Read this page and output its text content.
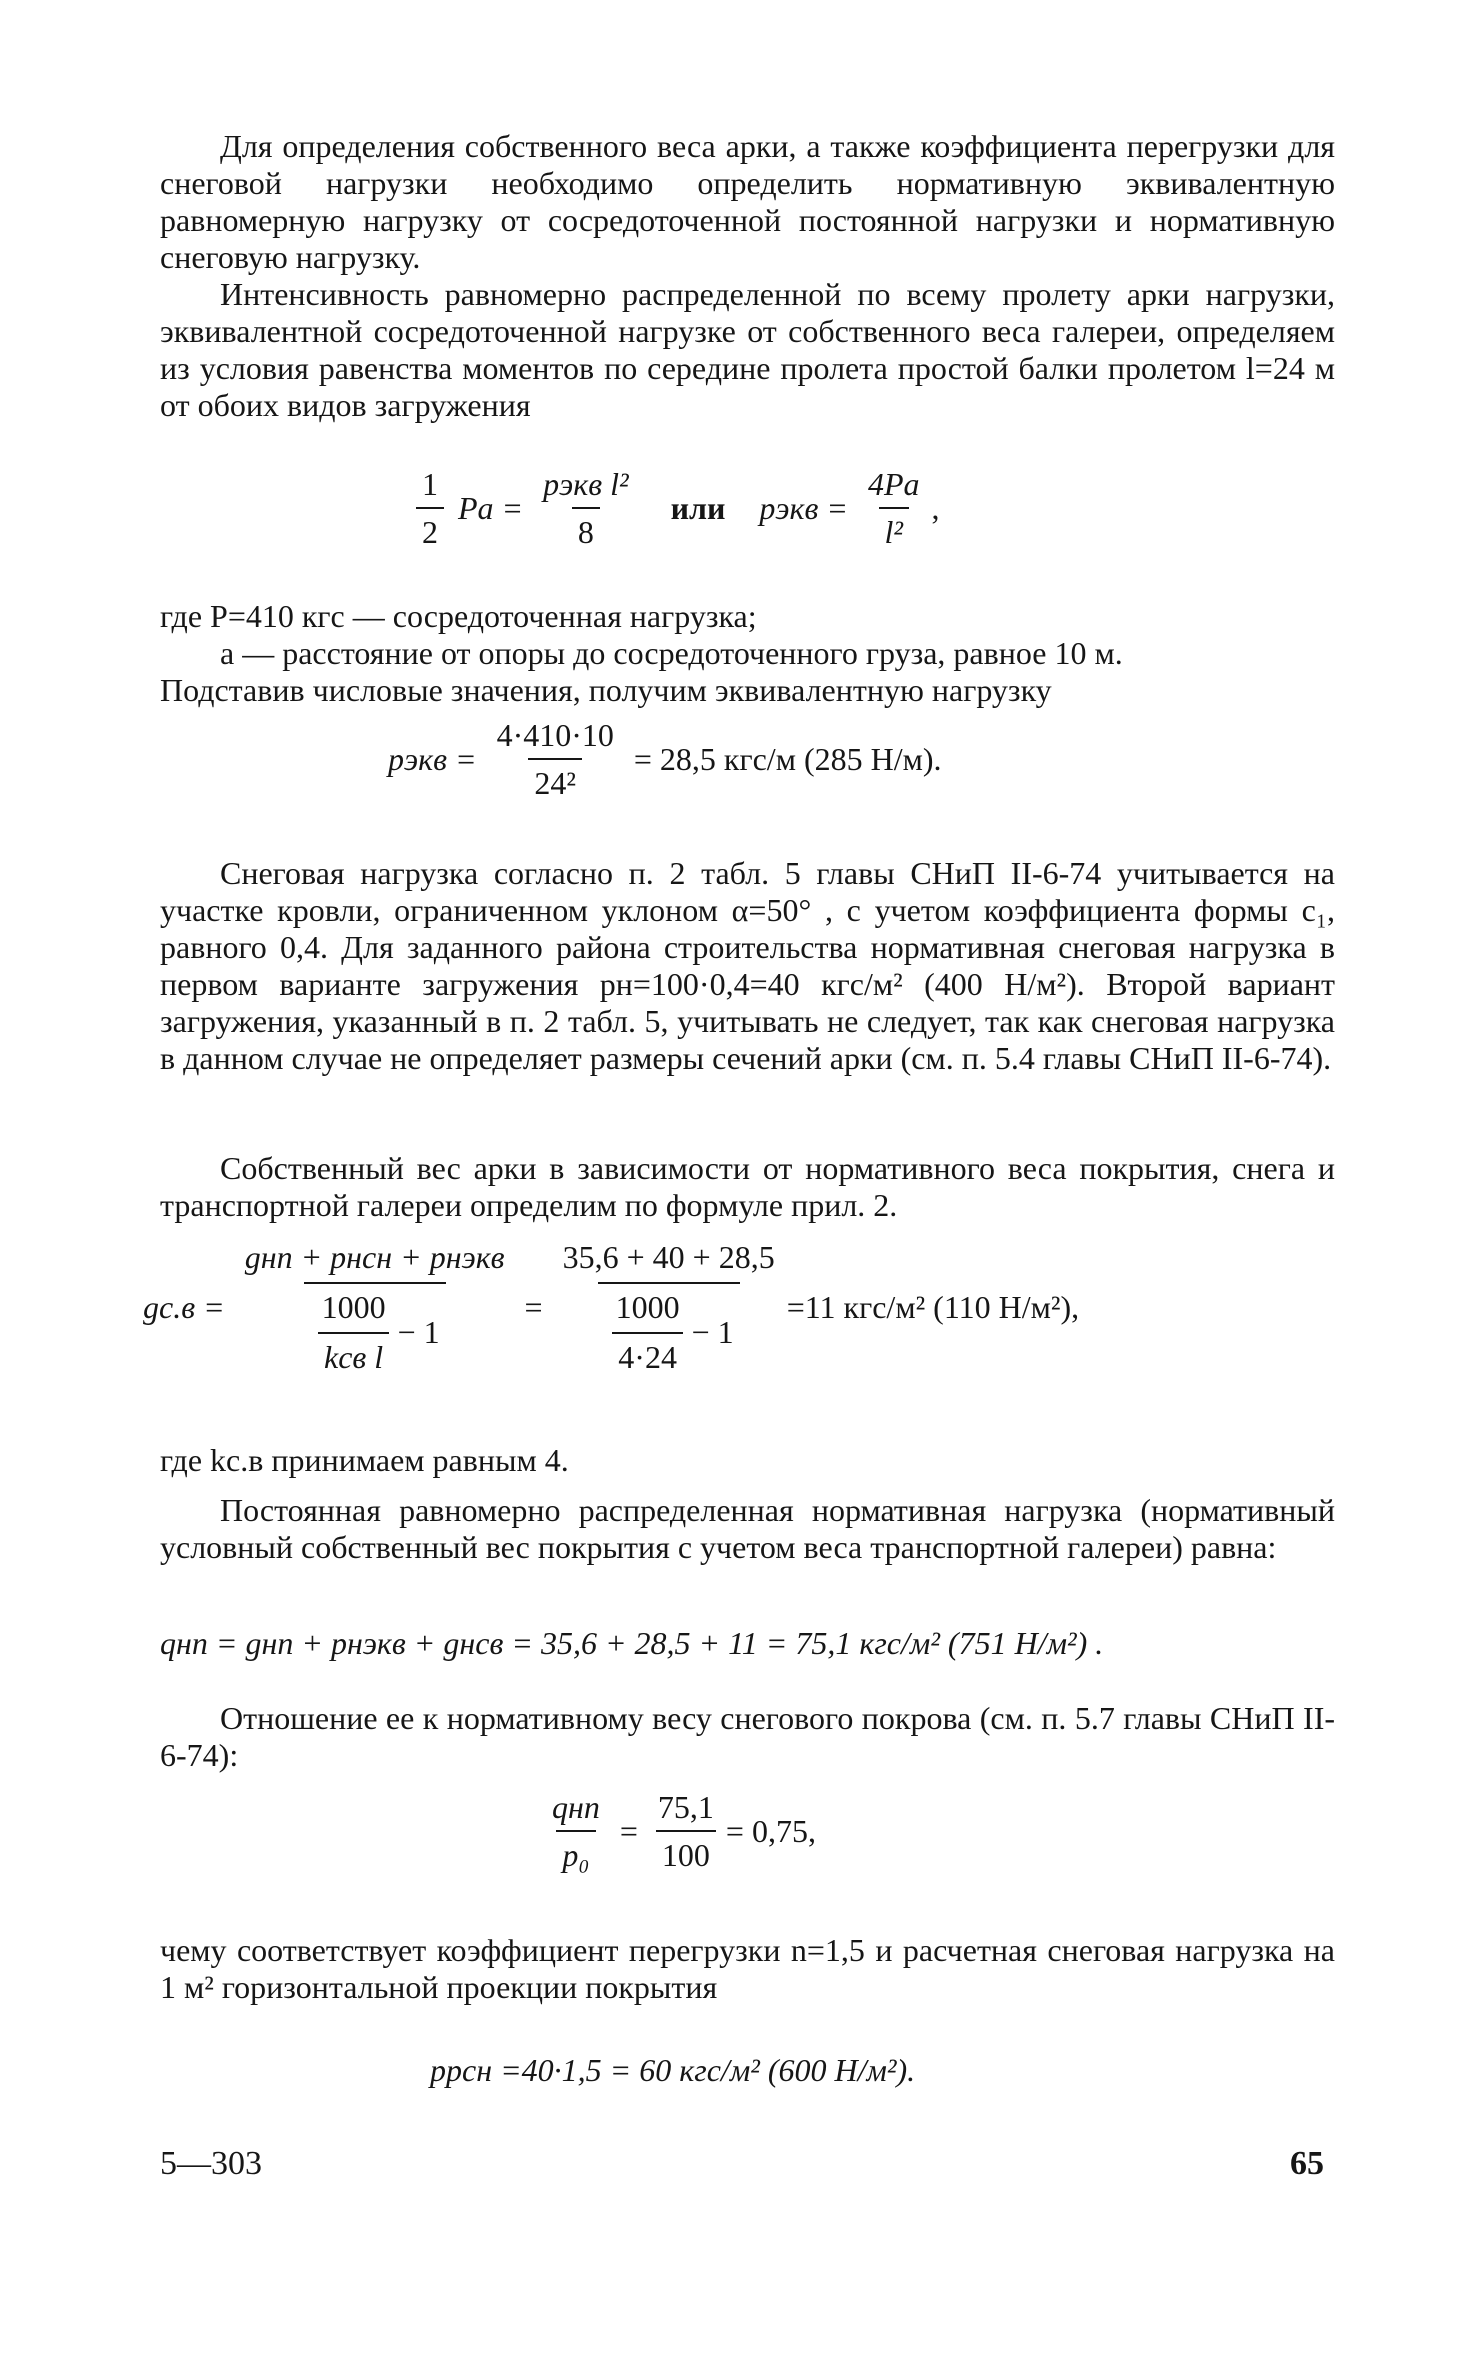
Для определения собственного веса арки, а также коэффициента перегрузки для снеговой нагрузки необходимо определить нормативную эквивалентную равномерную нагрузку от сосредоточенной постоянной нагрузки и нормативную снеговую нагрузку.

Интенсивность равномерно распределенной по всему пролету арки нагрузки, эквивалентной сосредоточенной нагрузке от собственного веса галереи, определяем из условия равенства моментов по середине пролета простой балки пролетом l=24 м от обоих видов загружения

$\frac{1}{2}$ $Pa = \frac{\text{pэкв l²}}{8}$ или pэкв = $\frac{4Pa}{\text{l²}}$ ,

где P=410 кгс — сосредоточенная нагрузка;

a — расстояние от опоры до сосредоточенного груза, равное 10 м.

Подставив числовые значения, получим эквивалентную нагрузку

pэкв = $\frac{4\cdot 410\cdot 10}{\text{24²}} = 28,5$ кгс/м (285 Н/м).

Снеговая нагрузка согласно п. 2 табл. 5 главы СНиП II-6-74 учитывается на участке кровли, ограниченном уклоном α=50° , с учетом коэффициента формы c₁, равного 0,4. Для заданного района строительства нормативная снеговая нагрузка в первом варианте загружения pн=100·0,4=40 кгс/м² (400 Н/м²). Второй вариант загружения, указанный в п. 2 табл. 5, учитывать не следует, так как снеговая нагрузка в данном случае не определяет размеры сечений арки (см. п. 5.4 главы СНиП II-6-74).

Собственный вес арки в зависимости от нормативного веса покрытия, снега и транспортной галереи определим по формуле прил. 2.

$gс.в = \frac{\text{gнп + pнсн + pнэкв}}{\frac{1000}{\text{kсв l}} - 1} = \frac{35,6 + 40 + 28,5}{\frac{1000}{4\cdot 24} - 1} =11$ кгс/м² (110 Н/м²),

где kс.в принимаем равным 4.

Постоянная равномерно распределенная нормативная нагрузка (нормативный условный собственный вес покрытия с учетом веса транспортной галереи) равна:

qнп = gнп + pнэкв + gнсв = 35,6 + 28,5 + 11 = 75,1 кгс/м² (751 Н/м²) .

Отношение ее к нормативному весу снегового покрова (см. п. 5.7 главы СНиП II-6-74):

$\frac{\text{qнп}}{\text{p₀}} = \frac{75,1}{100} = 0,75$,

чему соответствует коэффициент перегрузки n=1,5 и расчетная снеговая нагрузка на 1 м² горизонтальной проекции покрытия

pрсн =40·1,5 = 60 кгс/м² (600 Н/м²).
5—303	65
